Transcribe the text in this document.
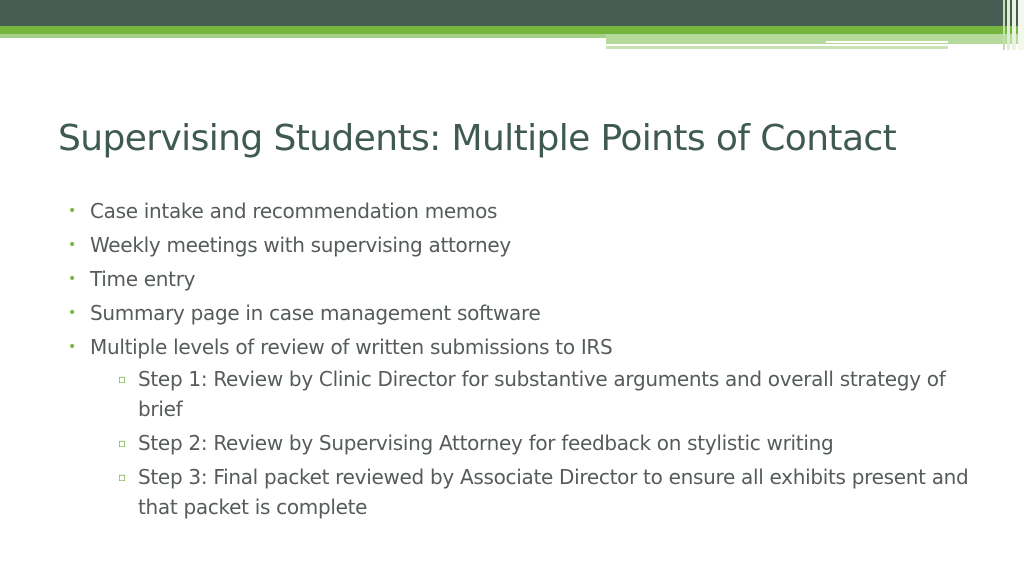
Supervising Students: Multiple Points of Contact
• Case intake and recommendation memos
• Weekly meetings with supervising attorney
• Time entry
• Summary page in case management software
• Multiple levels of review of written submissions to IRS
▫ Step 1: Review by Clinic Director for substantive arguments and overall strategy of brief
▫ Step 2: Review by Supervising Attorney for feedback on stylistic writing
▫ Step 3: Final packet reviewed by Associate Director to ensure all exhibits present and that packet is complete
